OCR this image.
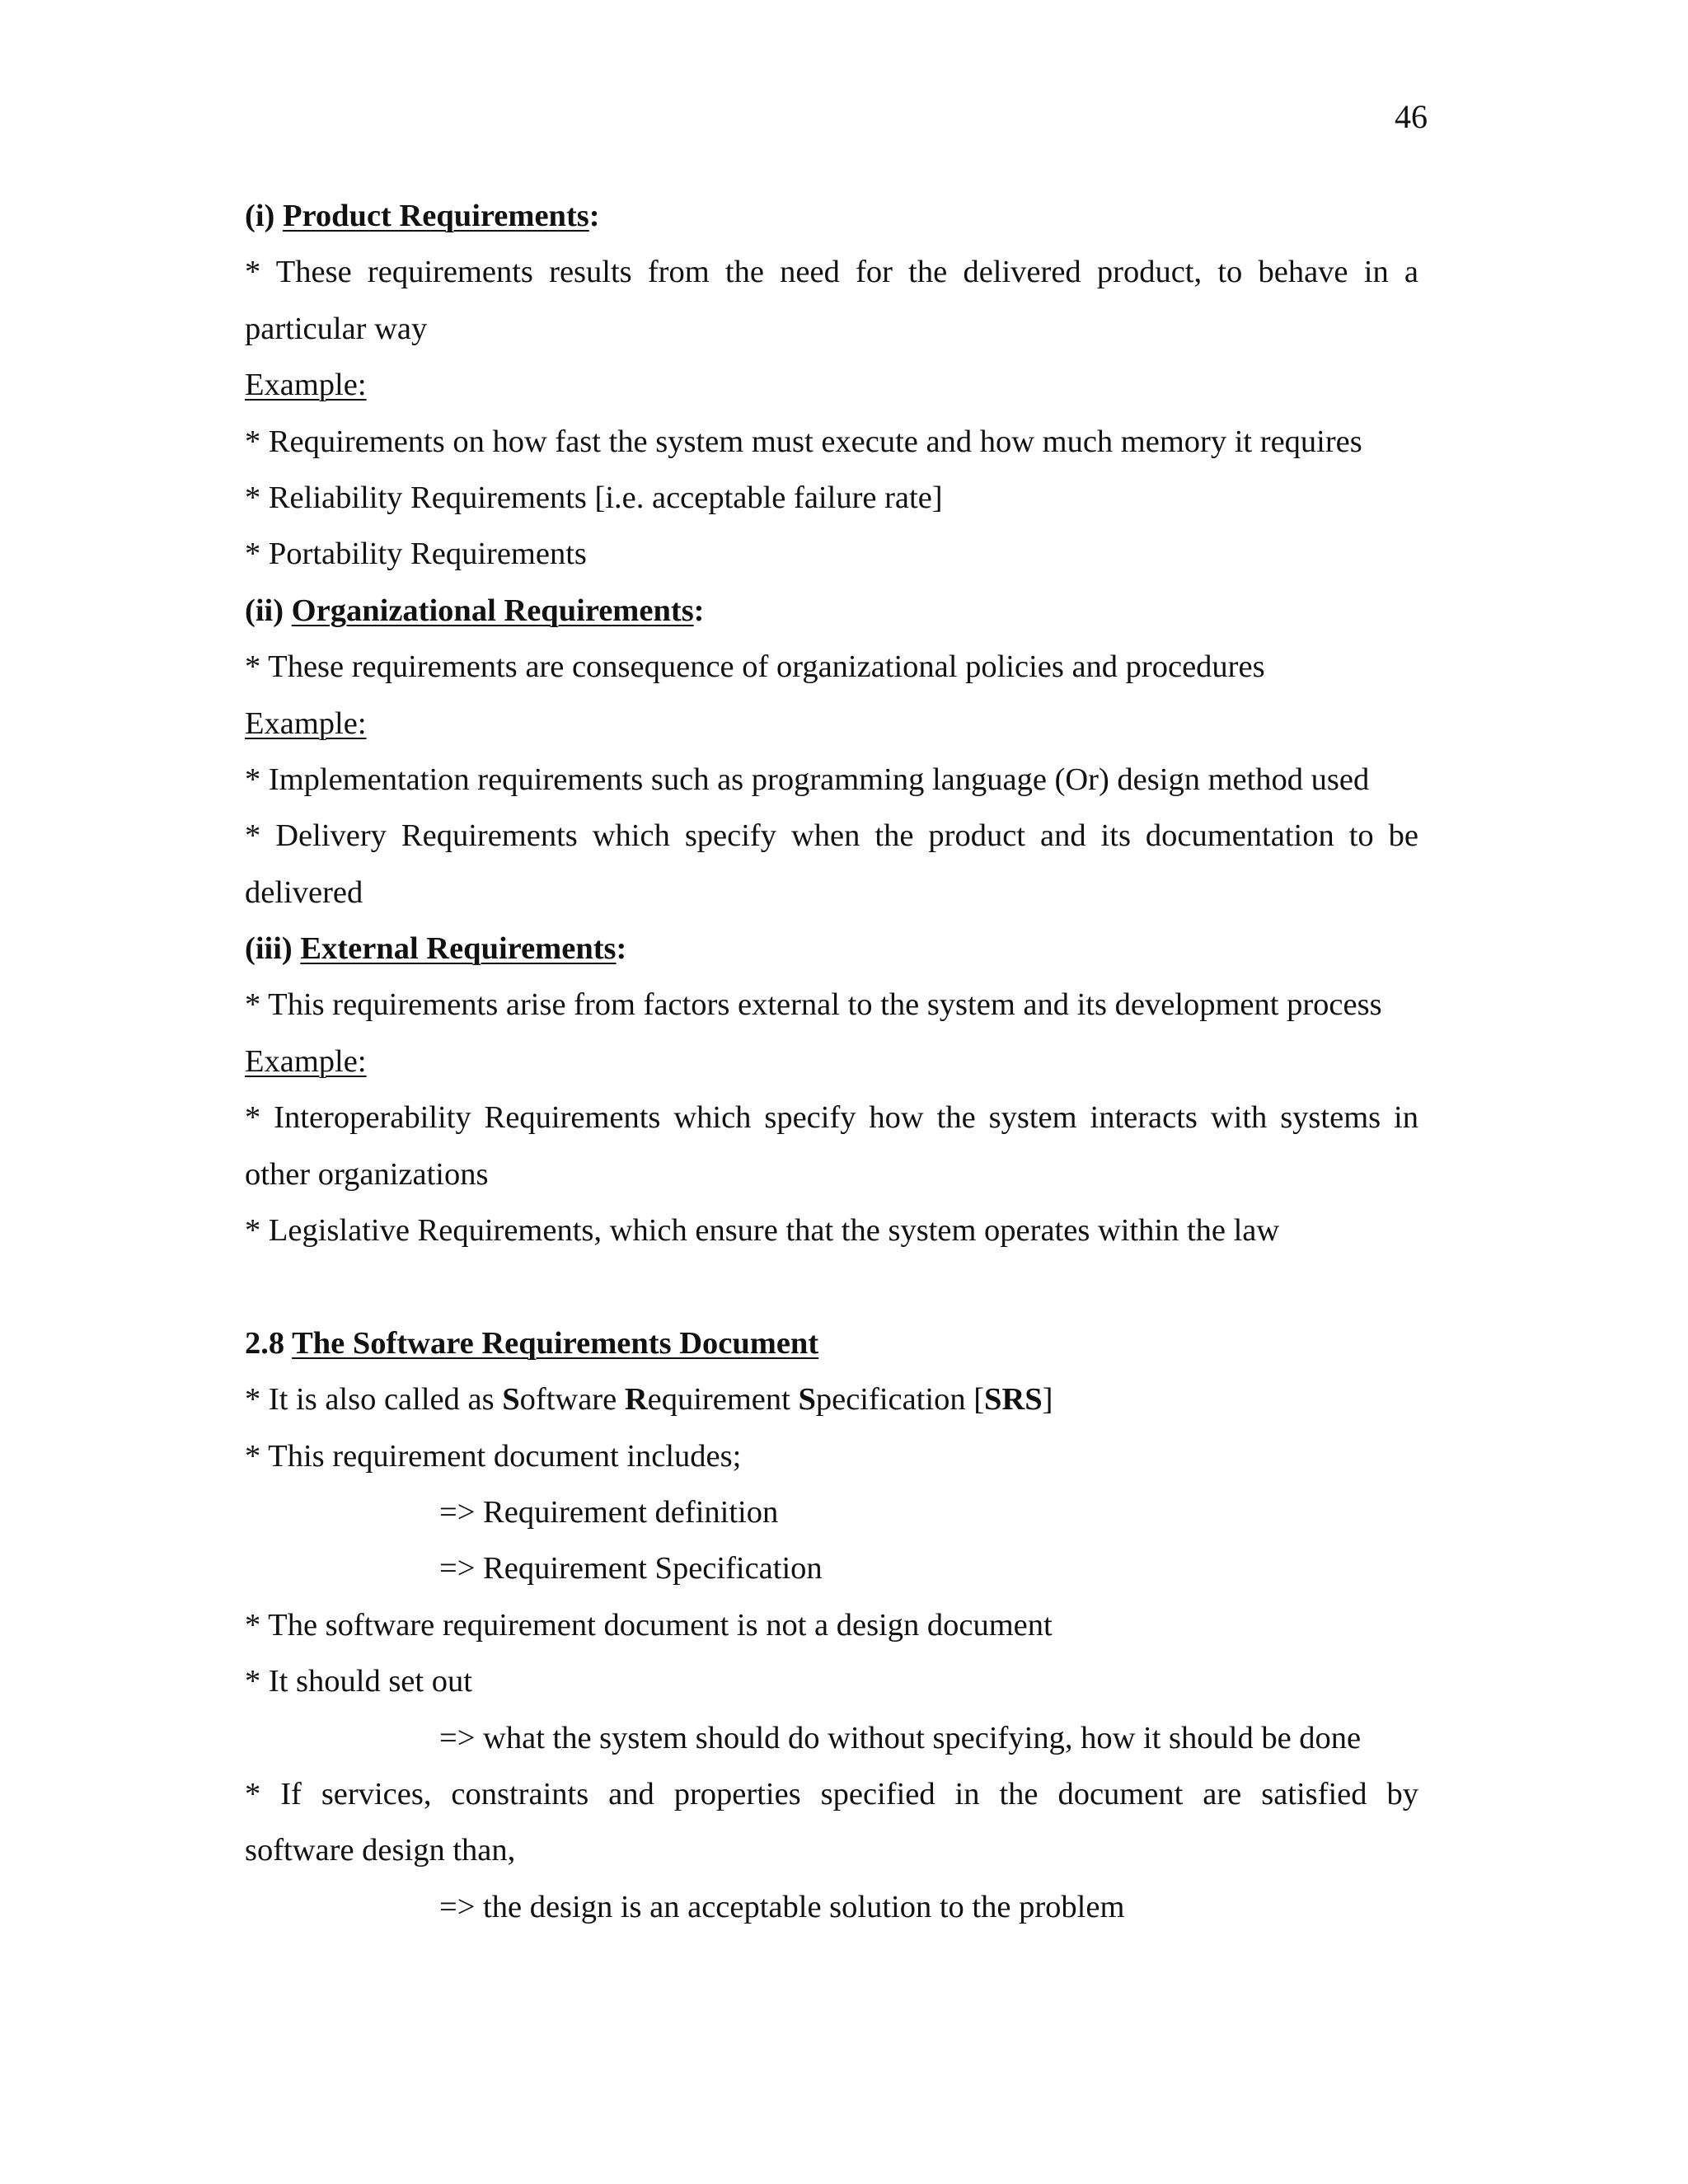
46
(i) Product Requirements:
* These requirements results from the need for the delivered product, to behave in a
particular way
Example:
* Requirements on how fast the system must execute and how much memory it requires
* Reliability Requirements [i.e. acceptable failure rate]
* Portability Requirements
(ii) Organizational Requirements:
* These requirements are consequence of organizational policies and procedures
Example:
* Implementation requirements such as programming language (Or) design method used
* Delivery Requirements which specify when the product and its documentation to be
delivered
(iii) External Requirements:
* This requirements arise from factors external to the system and its development process
Example:
* Interoperability Requirements which specify how the system interacts with systems in
other organizations
* Legislative Requirements, which ensure that the system operates within the law
2.8 The Software Requirements Document
* It is also called as Software Requirement Specification [SRS]
* This requirement document includes;
=> Requirement definition
=> Requirement Specification
* The software requirement document is not a design document
* It should set out
=> what the system should do without specifying, how it should be done
* If services, constraints and properties specified in the document are satisfied by
software design than,
=> the design is an acceptable solution to the problem
